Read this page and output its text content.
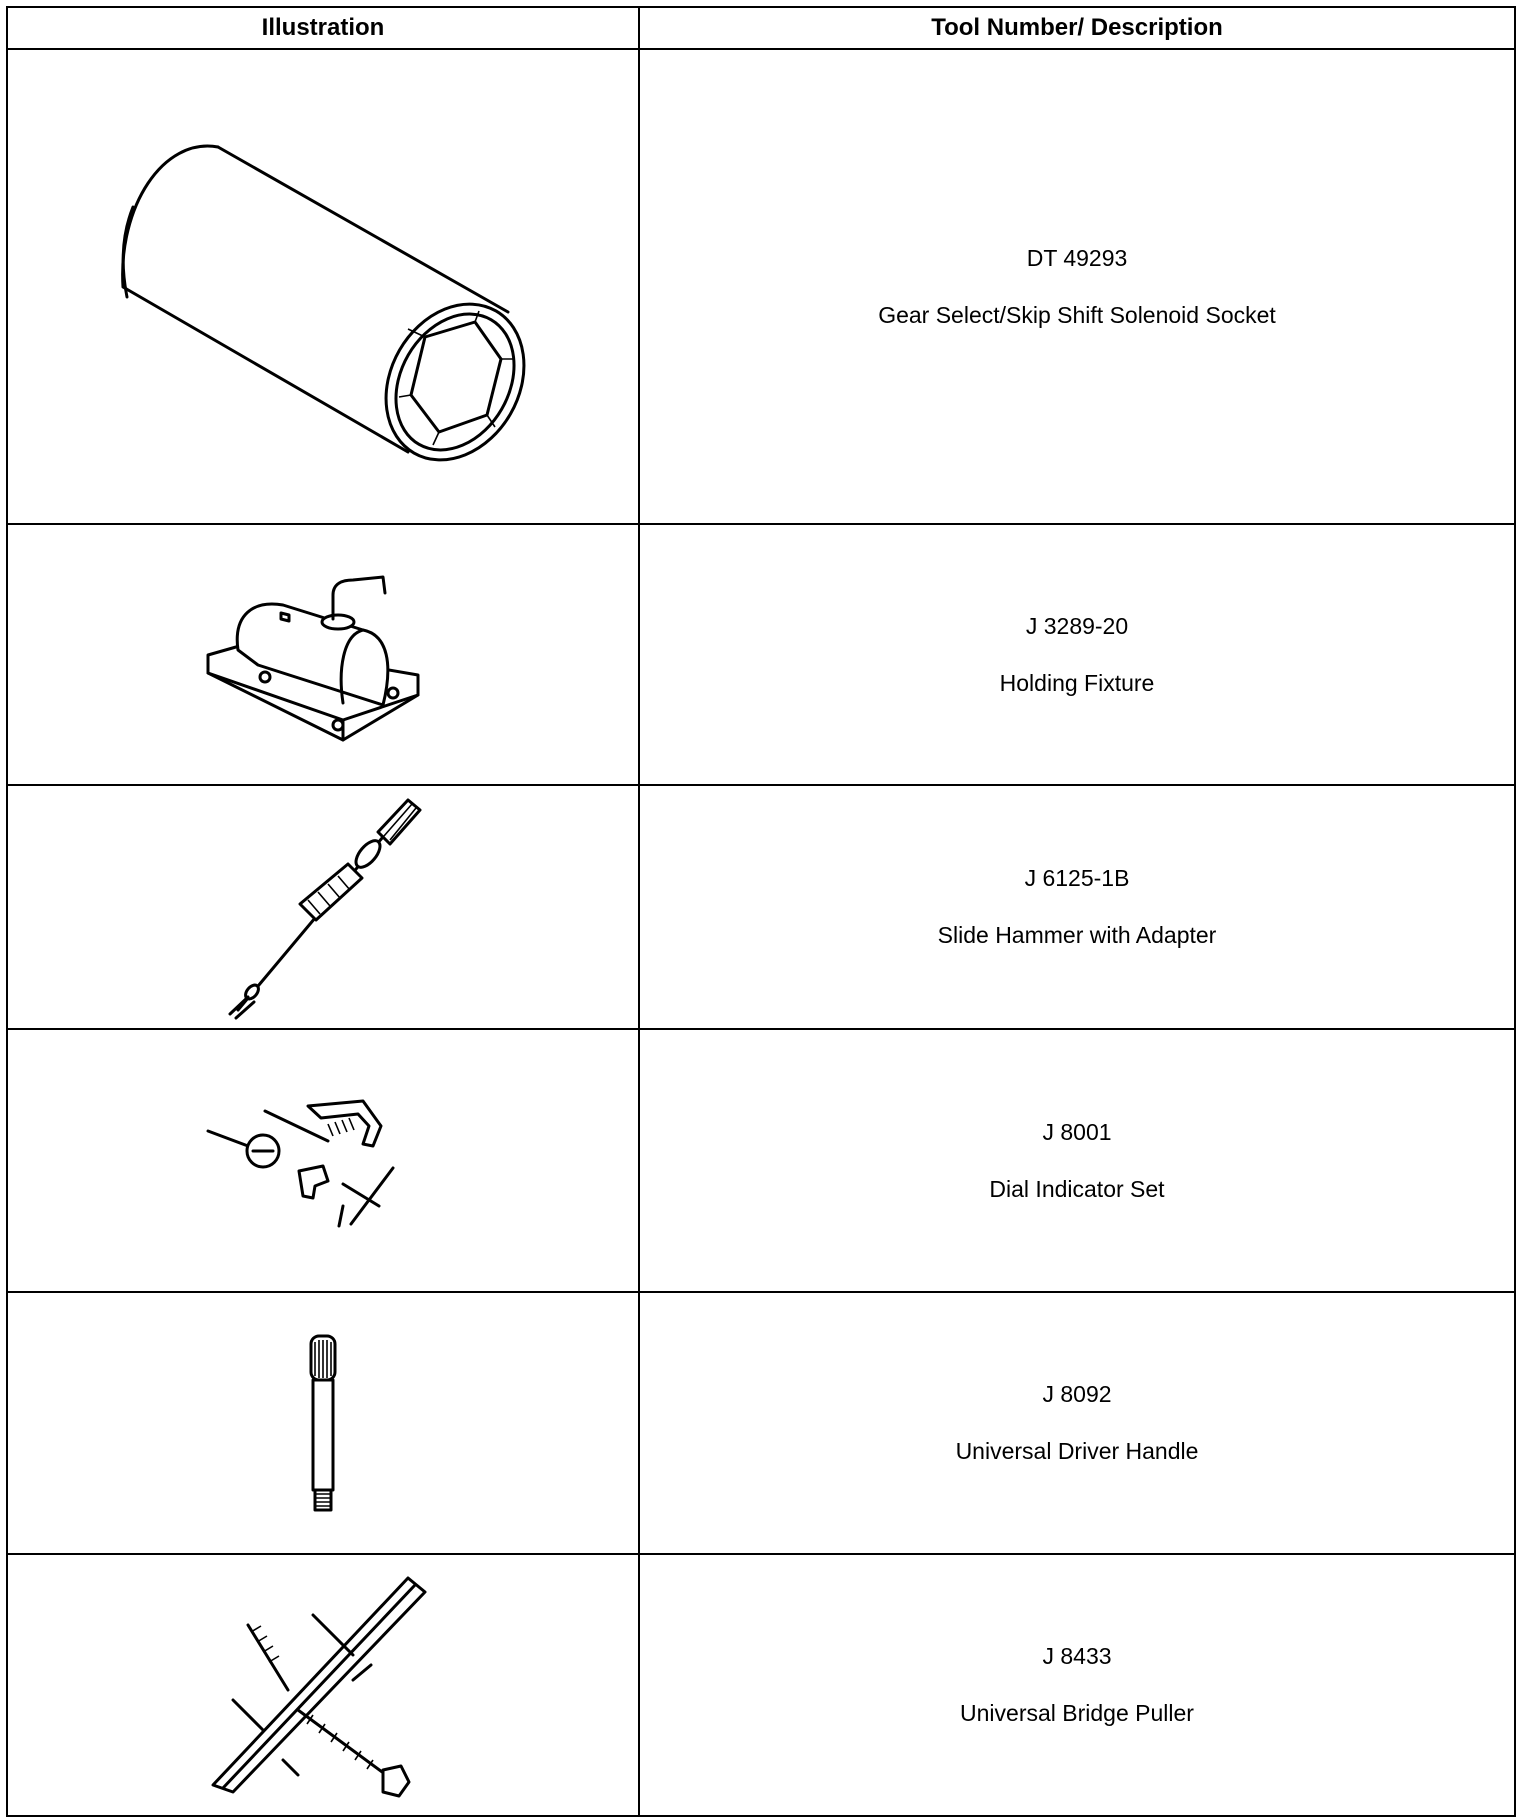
Illustration	Tool Number/ Description

DT 49293
Gear Select/Skip Shift Solenoid Socket

J 3289-20
Holding Fixture

J 6125-1B
Slide Hammer with Adapter

J 8001
Dial Indicator Set

J 8092
Universal Driver Handle

J 8433
Universal Bridge Puller
